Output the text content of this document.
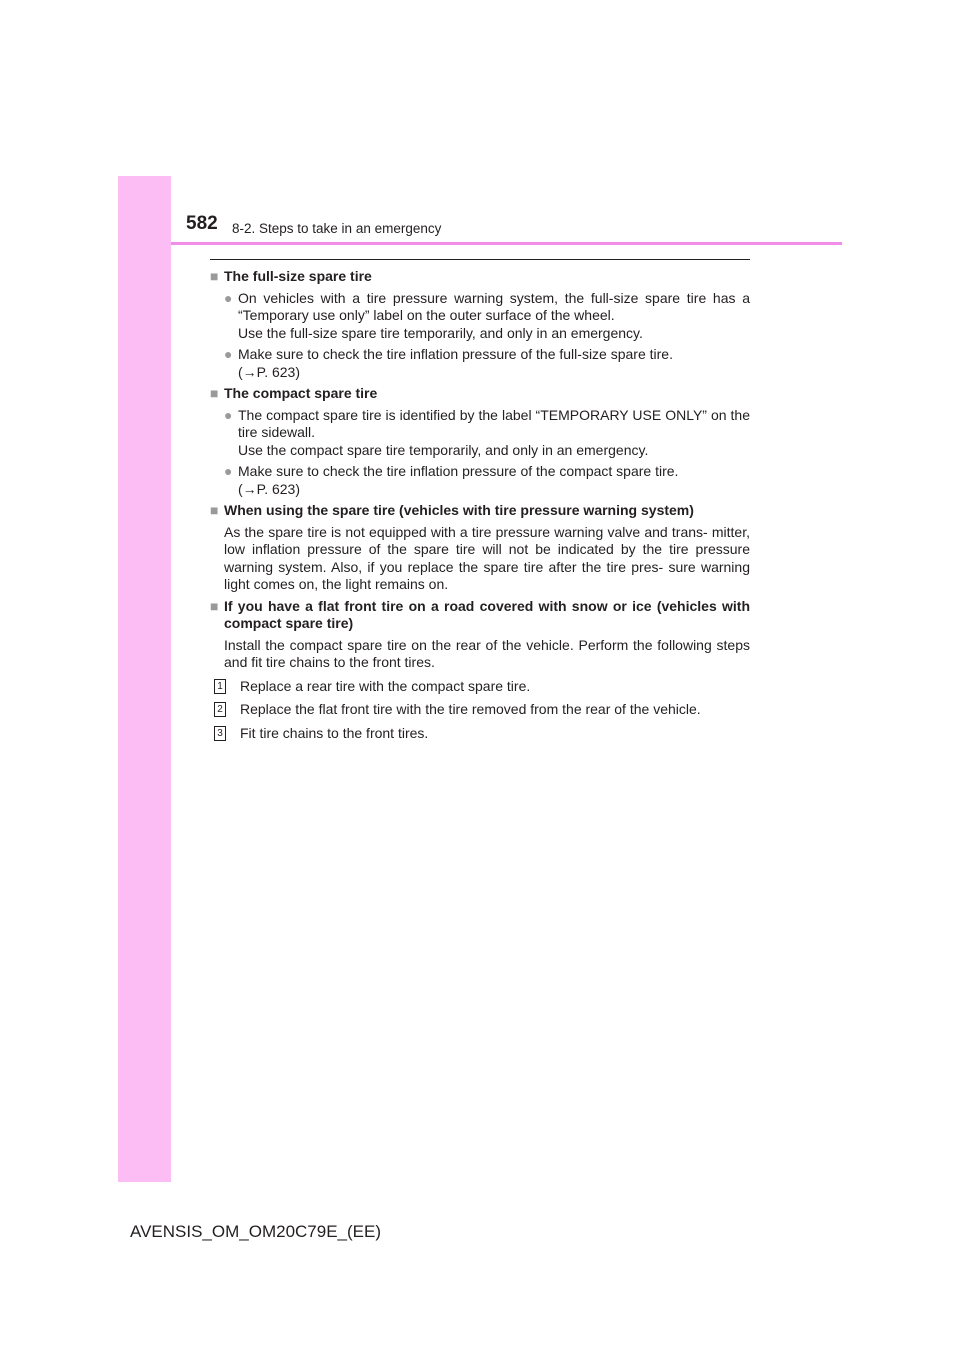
582 8-2. Steps to take in an emergency

■ The full-size spare tire
● On vehicles with a tire pressure warning system, the full-size spare tire has a “Temporary use only” label on the outer surface of the wheel.
Use the full-size spare tire temporarily, and only in an emergency.
● Make sure to check the tire inflation pressure of the full-size spare tire.
(→P. 623)
■ The compact spare tire
● The compact spare tire is identified by the label “TEMPORARY USE ONLY” on the tire sidewall.
Use the compact spare tire temporarily, and only in an emergency.
● Make sure to check the tire inflation pressure of the compact spare tire.
(→P. 623)
■ When using the spare tire (vehicles with tire pressure warning system)

As the spare tire is not equipped with a tire pressure warning valve and trans- mitter, low inflation pressure of the spare tire will not be indicated by the tire pressure warning system. Also, if you replace the spare tire after the tire pres- sure warning light comes on, the light remains on.

■ If you have a flat front tire on a road covered with snow or ice (vehicles with compact spare tire)

Install the compact spare tire on the rear of the vehicle. Perform the following steps and fit tire chains to the front tires.

1 Replace a rear tire with the compact spare tire.
2 Replace the flat front tire with the tire removed from the rear of the vehicle.
3 Fit tire chains to the front tires.

AVENSIS_OM_OM20C79E_(EE)
